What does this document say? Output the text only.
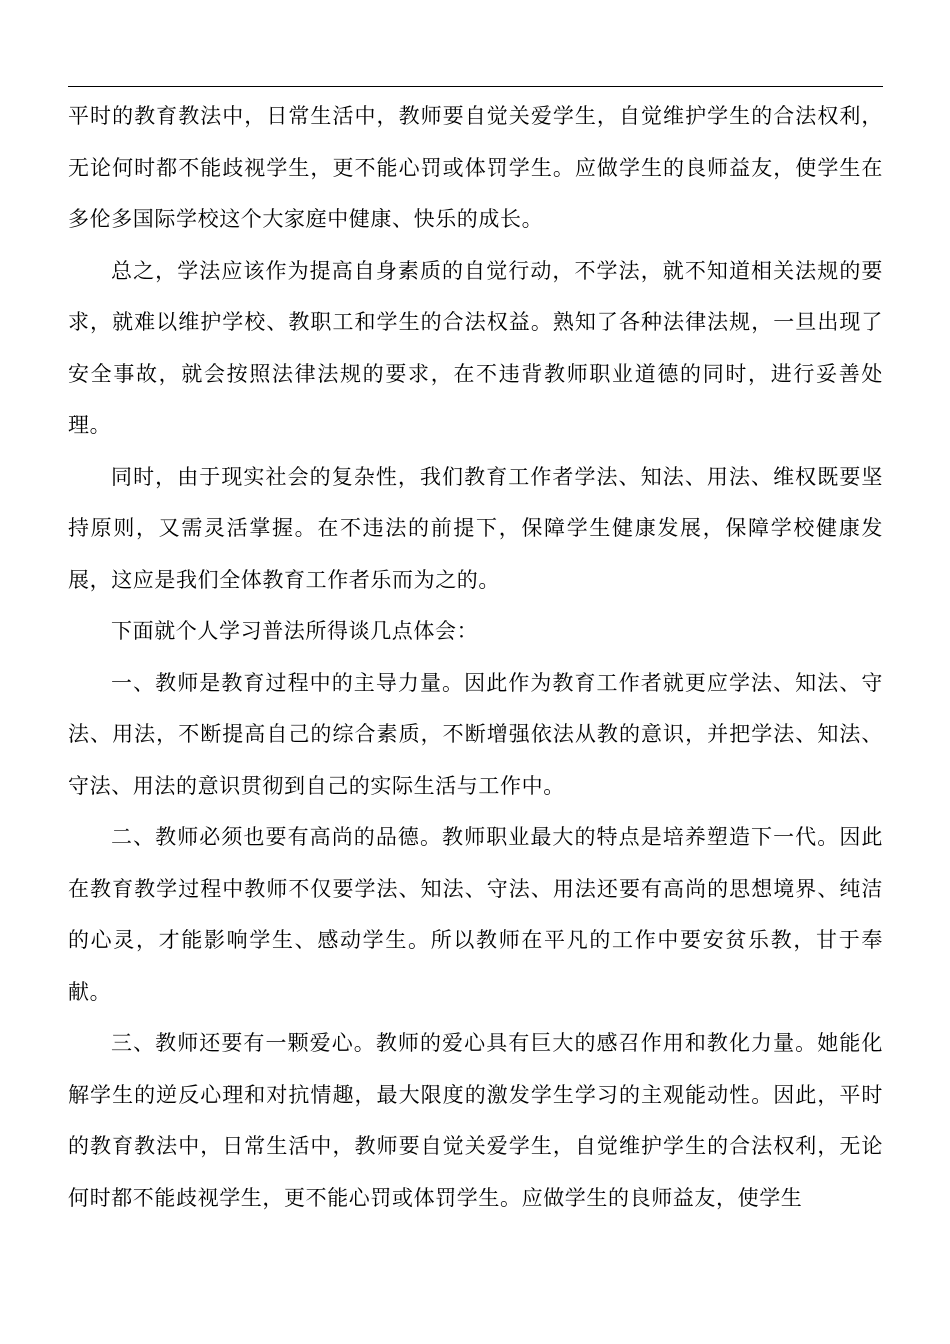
平时的教育教法中，日常生活中，教师要自觉关爱学生，自觉维护学生的合法权利，无论何时都不能歧视学生，更不能心罚或体罚学生。应做学生的良师益友，使学生在多伦多国际学校这个大家庭中健康、快乐的成长。

总之，学法应该作为提高自身素质的自觉行动，不学法，就不知道相关法规的要求，就难以维护学校、教职工和学生的合法权益。熟知了各种法律法规，一旦出现了安全事故，就会按照法律法规的要求，在不违背教师职业道德的同时，进行妥善处理。

同时，由于现实社会的复杂性，我们教育工作者学法、知法、用法、维权既要坚持原则，又需灵活掌握。在不违法的前提下，保障学生健康发展，保障学校健康发展，这应是我们全体教育工作者乐而为之的。

下面就个人学习普法所得谈几点体会：

一、教师是教育过程中的主导力量。因此作为教育工作者就更应学法、知法、守法、用法，不断提高自己的综合素质，不断增强依法从教的意识，并把学法、知法、守法、用法的意识贯彻到自己的实际生活与工作中。

二、教师必须也要有高尚的品德。教师职业最大的特点是培养塑造下一代。因此在教育教学过程中教师不仅要学法、知法、守法、用法还要有高尚的思想境界、纯洁的心灵，才能影响学生、感动学生。所以教师在平凡的工作中要安贫乐教，甘于奉献。

三、教师还要有一颗爱心。教师的爱心具有巨大的感召作用和教化力量。她能化解学生的逆反心理和对抗情趣，最大限度的激发学生学习的主观能动性。因此，平时的教育教法中，日常生活中，教师要自觉关爱学生，自觉维护学生的合法权利，无论何时都不能歧视学生，更不能心罚或体罚学生。应做学生的良师益友，使学生
